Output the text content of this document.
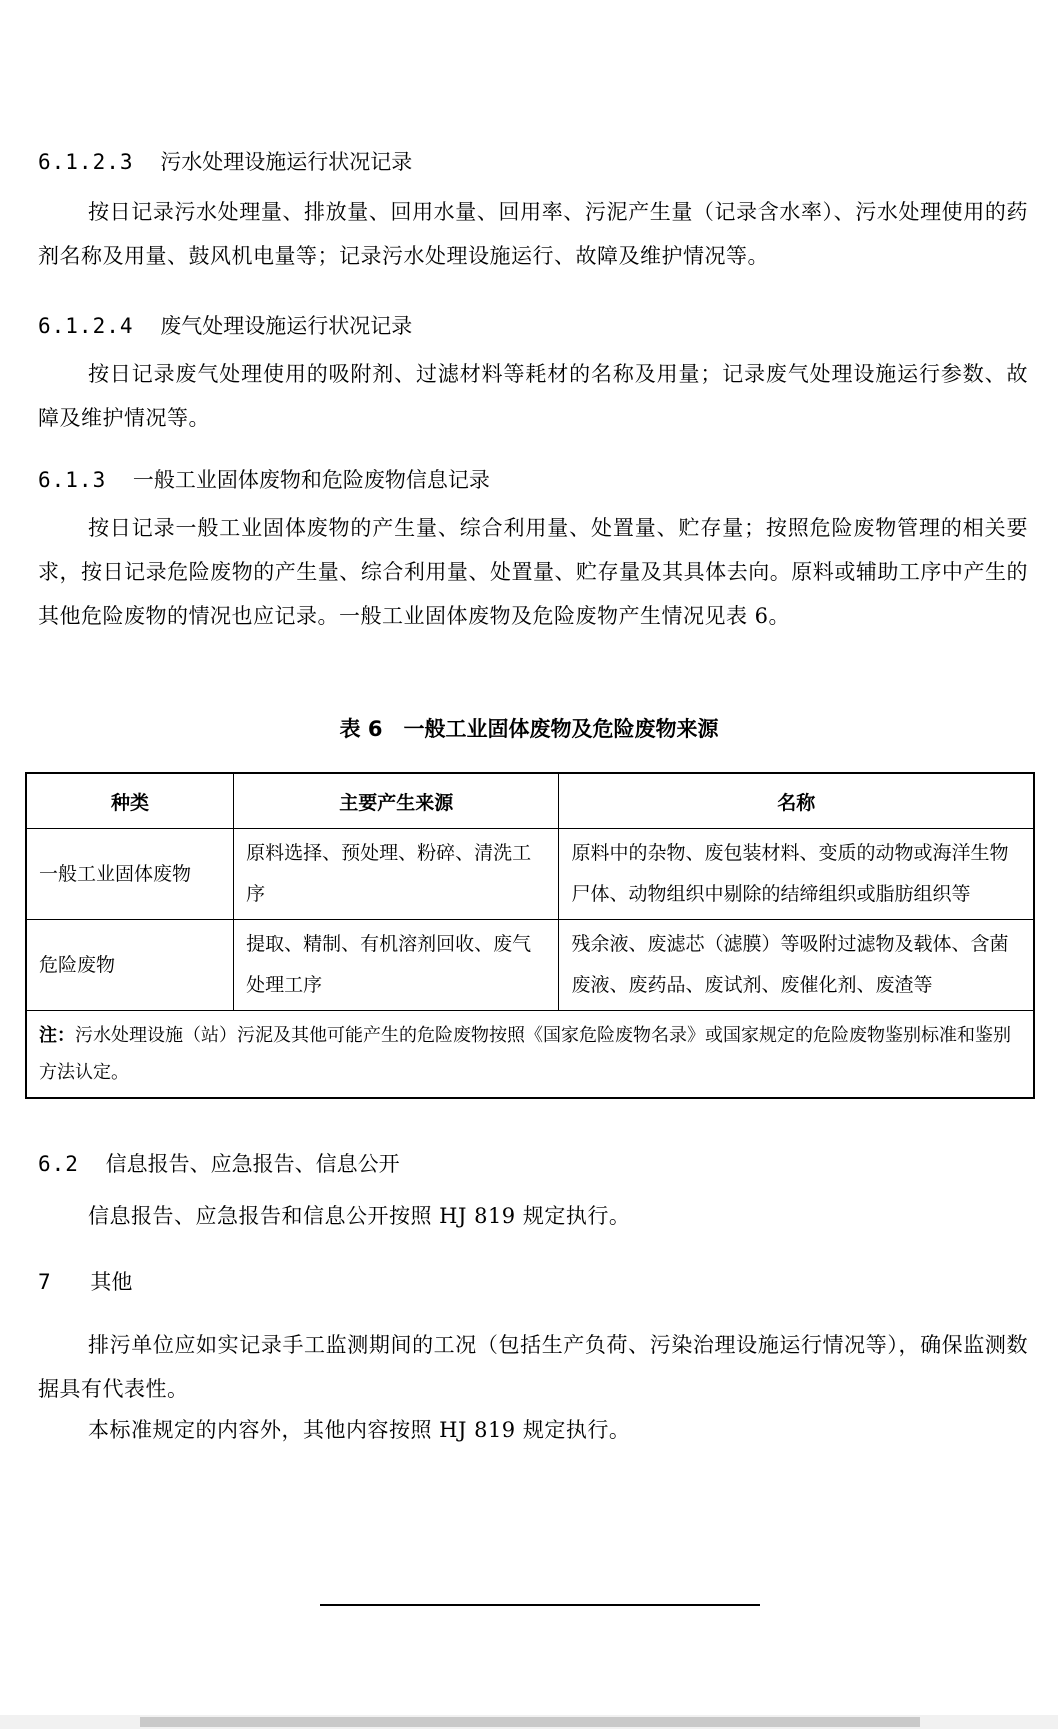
6.1.2.3 污水处理设施运行状况记录
按日记录污水处理量、排放量、回用水量、回用率、污泥产生量（记录含水率）、污水处理使用的药剂名称及用量、鼓风机电量等；记录污水处理设施运行、故障及维护情况等。
6.1.2.4 废气处理设施运行状况记录
按日记录废气处理使用的吸附剂、过滤材料等耗材的名称及用量；记录废气处理设施运行参数、故障及维护情况等。
6.1.3 一般工业固体废物和危险废物信息记录
按日记录一般工业固体废物的产生量、综合利用量、处置量、贮存量；按照危险废物管理的相关要求，按日记录危险废物的产生量、综合利用量、处置量、贮存量及其具体去向。原料或辅助工序中产生的其他危险废物的情况也应记录。一般工业固体废物及危险废物产生情况见表 6。
表 6　一般工业固体废物及危险废物来源
种类	主要产生来源	名称
一般工业固体废物	原料选择、预处理、粉碎、清洗工序	原料中的杂物、废包装材料、变质的动物或海洋生物尸体、动物组织中剔除的结缔组织或脂肪组织等
危险废物	提取、精制、有机溶剂回收、废气处理工序	残余液、废滤芯（滤膜）等吸附过滤物及载体、含菌废液、废药品、废试剂、废催化剂、废渣等
注：污水处理设施（站）污泥及其他可能产生的危险废物按照《国家危险废物名录》或国家规定的危险废物鉴别标准和鉴别方法认定。		
6.2 信息报告、应急报告、信息公开
信息报告、应急报告和信息公开按照 HJ 819 规定执行。
7 其他
排污单位应如实记录手工监测期间的工况（包括生产负荷、污染治理设施运行情况等），确保监测数据具有代表性。
本标准规定的内容外，其他内容按照 HJ 819 规定执行。
